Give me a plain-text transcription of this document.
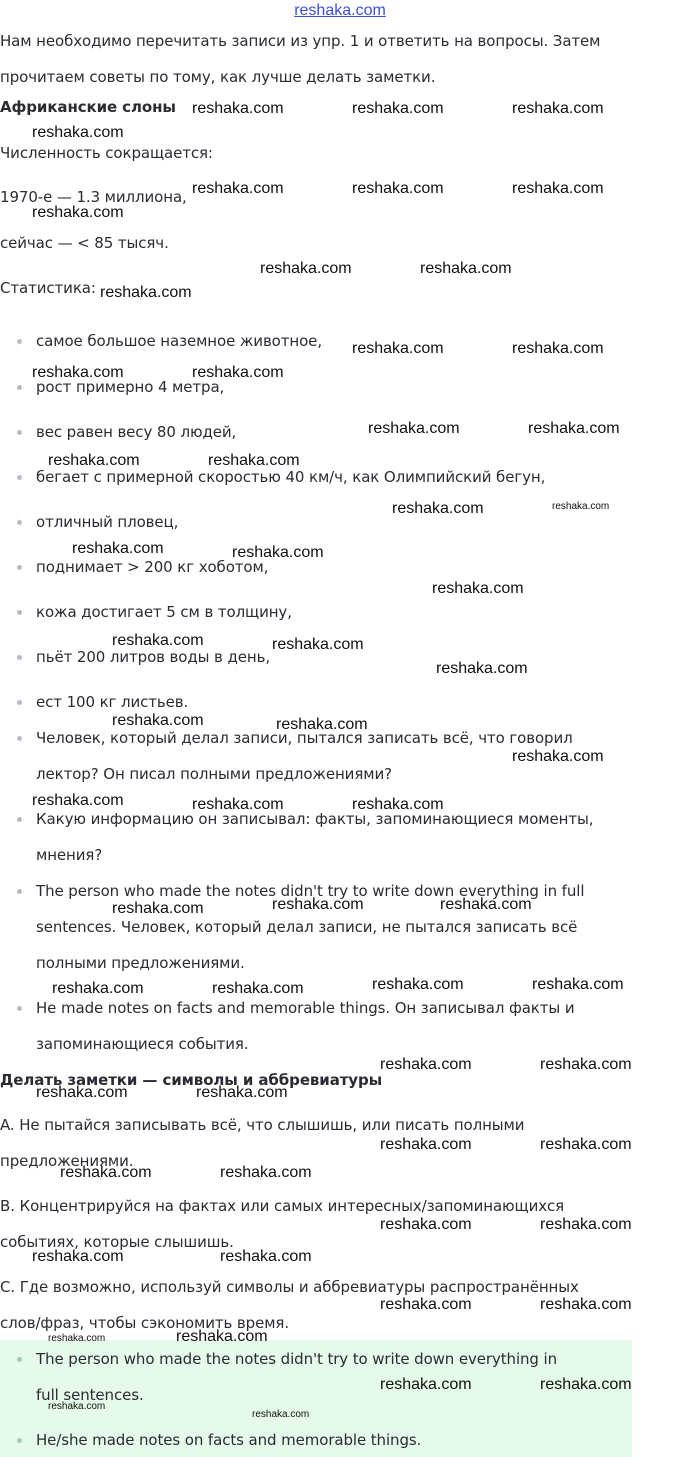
reshaka.com
Нам необходимо перечитать записи из упр. 1 и ответить на вопросы. Затем
прочитаем советы по тому, как лучше делать заметки.
Африканские слоны
Численность сокращается:
1970-е — 1.3 миллиона,
сейчас — < 85 тысяч.
Статистика:
самое большое наземное животное,
рост примерно 4 метра,
вес равен весу 80 людей,
бегает с примерной скоростью 40 км/ч, как Олимпийский бегун,
отличный пловец,
поднимает > 200 кг хоботом,
кожа достигает 5 см в толщину,
пьёт 200 литров воды в день,
ест 100 кг листьев.
Человек, который делал записи, пытался записать всё, что говорил
лектор? Он писал полными предложениями?
Какую информацию он записывал: факты, запоминающиеся моменты,
мнения?
The person who made the notes didn't try to write down everything in full
sentences. Человек, который делал записи, не пытался записать всё
полными предложениями.
He made notes on facts and memorable things. Он записывал факты и
запоминающиеся события.
Делать заметки — символы и аббревиатуры
A. Не пытайся записывать всё, что слышишь, или писать полными
предложениями.
B. Концентрируйся на фактах или самых интересных/запоминающихся
событиях, которые слышишь.
C. Где возможно, используй символы и аббревиатуры распространённых
слов/фраз, чтобы сэкономить время.
The person who made the notes didn't try to write down everything in
full sentences.
He/she made notes on facts and memorable things.
reshaka.com	reshaka.com	reshaka.com
reshaka.com
reshaka.com	reshaka.com	reshaka.com
reshaka.com
reshaka.com	reshaka.com
reshaka.com
reshaka.com	reshaka.com
reshaka.com	reshaka.com
reshaka.com	reshaka.com
reshaka.com	reshaka.com
reshaka.com	reshaka.com
reshaka.com	reshaka.com
reshaka.com
reshaka.com	reshaka.com
reshaka.com
reshaka.com	reshaka.com
reshaka.com
reshaka.com	reshaka.com	reshaka.com
reshaka.com	reshaka.com	reshaka.com
reshaka.com	reshaka.com
reshaka.com	reshaka.com
reshaka.com	reshaka.com
reshaka.com	reshaka.com
reshaka.com	reshaka.com
reshaka.com	reshaka.com
reshaka.com	reshaka.com
reshaka.com	reshaka.com
reshaka.com	reshaka.com
reshaka.com	reshaka.com
reshaka.com	reshaka.com
reshaka.com
reshaka.com
